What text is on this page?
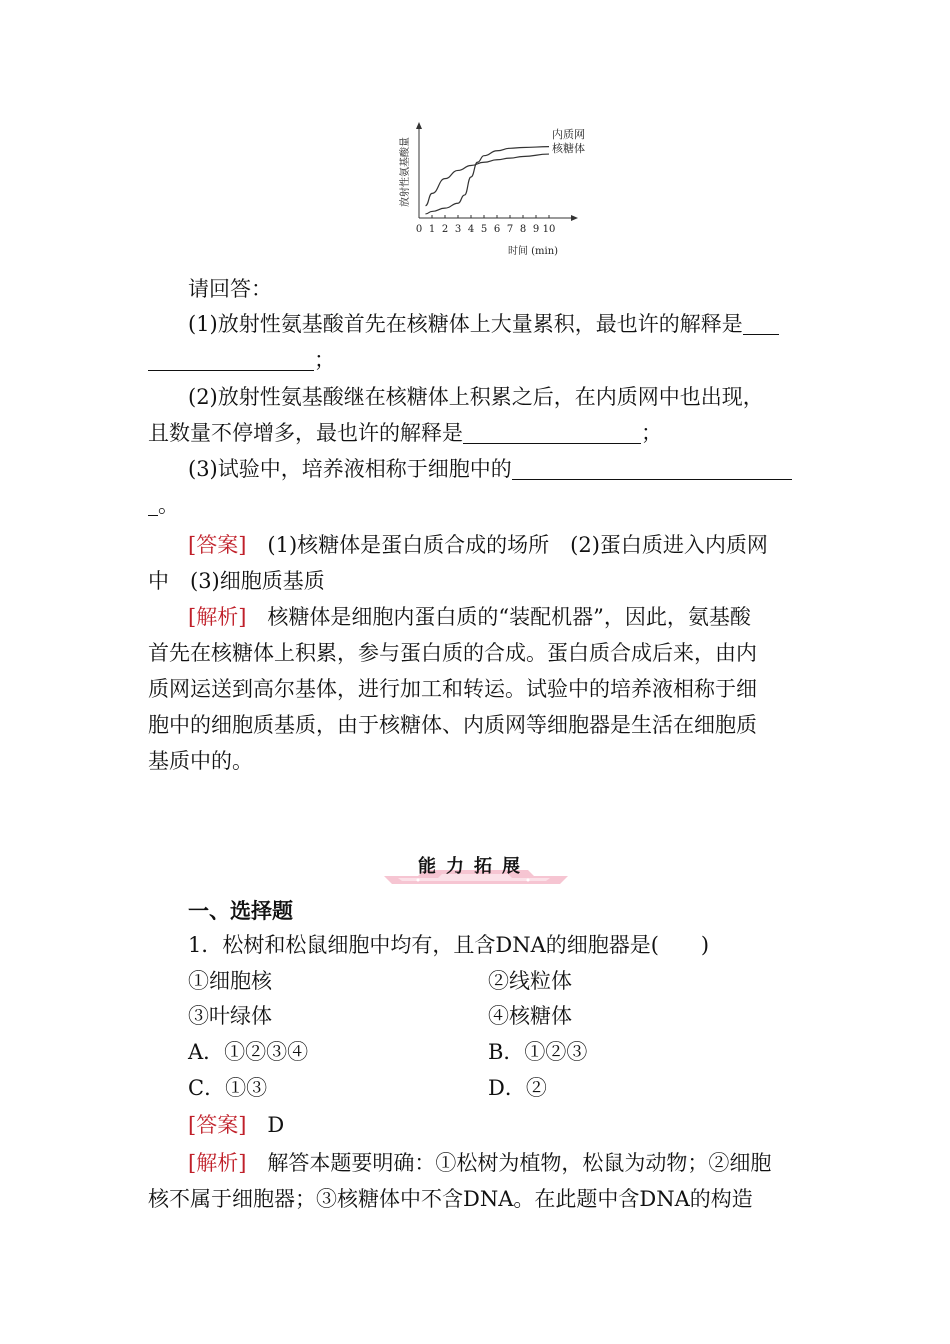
0 1 2 3 4 5 6 7 8 9 10
时间 (min)
放射性氨基酸量
内质网
核糖体
请回答：
(1)放射性氨基酸首先在核糖体上大量累积，最也许的解释是
；
(2)放射性氨基酸继在核糖体上积累之后，在内质网中也出现，
且数量不停增多，最也许的解释是	；
(3)试验中，培养液相称于细胞中的
。
[答案]　 (1)核糖体是蛋白质合成的场所　(2)蛋白质进入内质网
中　(3)细胞质基质
[解析]　 核糖体是细胞内蛋白质的“装配机器”，因此，氨基酸
首先在核糖体上积累，参与蛋白质的合成。蛋白质合成后来，由内
质网运送到高尔基体，进行加工和转运。试验中的培养液相称于细
胞中的细胞质基质，由于核糖体、内质网等细胞器是生活在细胞质
基质中的。
能力拓展
一、选择题
1．松树和松鼠细胞中均有，且含DNA的细胞器是(　　)
①细胞核	②线粒体
③叶绿体	④核糖体
A．①②③④	B．①②③
C．①③	D．②
[答案]　 D
[解析]　 解答本题要明确：①松树为植物，松鼠为动物；②细胞
核不属于细胞器；③核糖体中不含DNA。在此题中含DNA的构造
